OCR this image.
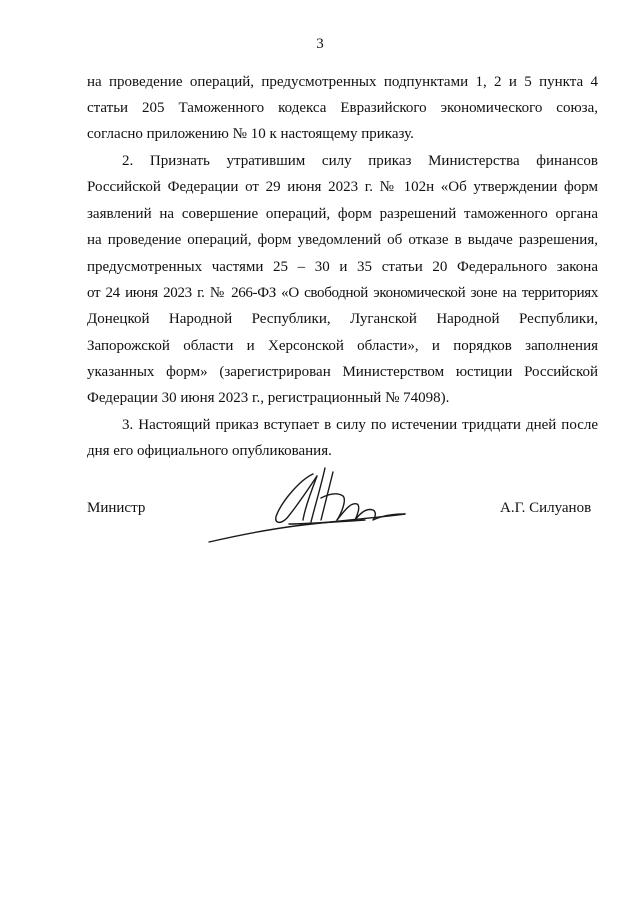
3
на проведение операций, предусмотренных подпунктами 1, 2 и 5 пункта 4
статьи 205 Таможенного кодекса Евразийского экономического союза,
согласно приложению № 10 к настоящему приказу.
2. Признать утратившим силу приказ Министерства финансов
Российской Федерации от 29 июня 2023 г. № 102н «Об утверждении форм
заявлений на совершение операций, форм разрешений таможенного органа
на проведение операций, форм уведомлений об отказе в выдаче разрешения,
предусмотренных частями 25 – 30 и 35 статьи 20 Федерального закона
от 24 июня 2023 г. № 266-ФЗ «О свободной экономической зоне на территориях
Донецкой Народной Республики, Луганской Народной Республики,
Запорожской области и Херсонской области», и порядков заполнения
указанных форм» (зарегистрирован Министерством юстиции Российской
Федерации 30 июня 2023 г., регистрационный № 74098).
3. Настоящий приказ вступает в силу по истечении тридцати дней после
дня его официального опубликования.
Министр	А.Г. Силуанов
